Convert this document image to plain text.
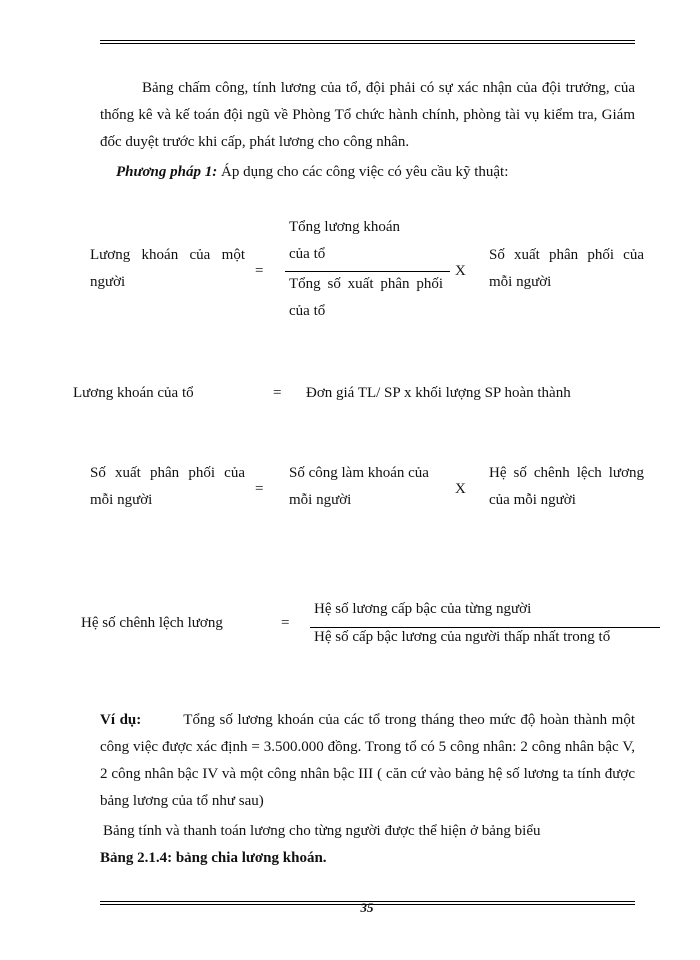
Bảng chấm công, tính lương của tổ, đội phải có sự xác nhận của đội trưởng, của thống kê và kế toán đội ngũ về Phòng Tổ chức hành chính, phòng tài vụ kiểm tra, Giám đốc duyệt trước khi cấp, phát lương cho công nhân.

Phương pháp 1: Áp dụng cho các công việc có yêu cầu kỹ thuật:
Lương khoán của một người
=
Tổng lương khoán của tổ
Tổng số xuất phân phối của tổ
X
Số xuất phân phối của mỗi người
Lương khoán của tổ	= Đơn giá TL/ SP x khối lượng SP hoàn thành
Số xuất phân phối của mỗi người
=
Số công làm khoán của mỗi người
X
Hệ số chênh lệch lương của mỗi người
Hệ số chênh lệch lương	=
Hệ số lương cấp bậc của từng người
Hệ số cấp bậc lương của người thấp nhất trong tổ

Ví dụ:	Tổng số lương khoán của các tổ trong tháng theo mức độ hoàn thành một công việc được xác định = 3.500.000 đồng. Trong tổ có 5 công nhân: 2 công nhân bậc V, 2 công nhân bậc IV và một công nhân bậc III ( căn cứ vào bảng hệ số lương ta tính được bảng lương của tổ như sau)

Bảng tính và thanh toán lương cho từng người được thể hiện ở bảng biểu
Bảng 2.1.4: bảng chia lương khoán.
35
